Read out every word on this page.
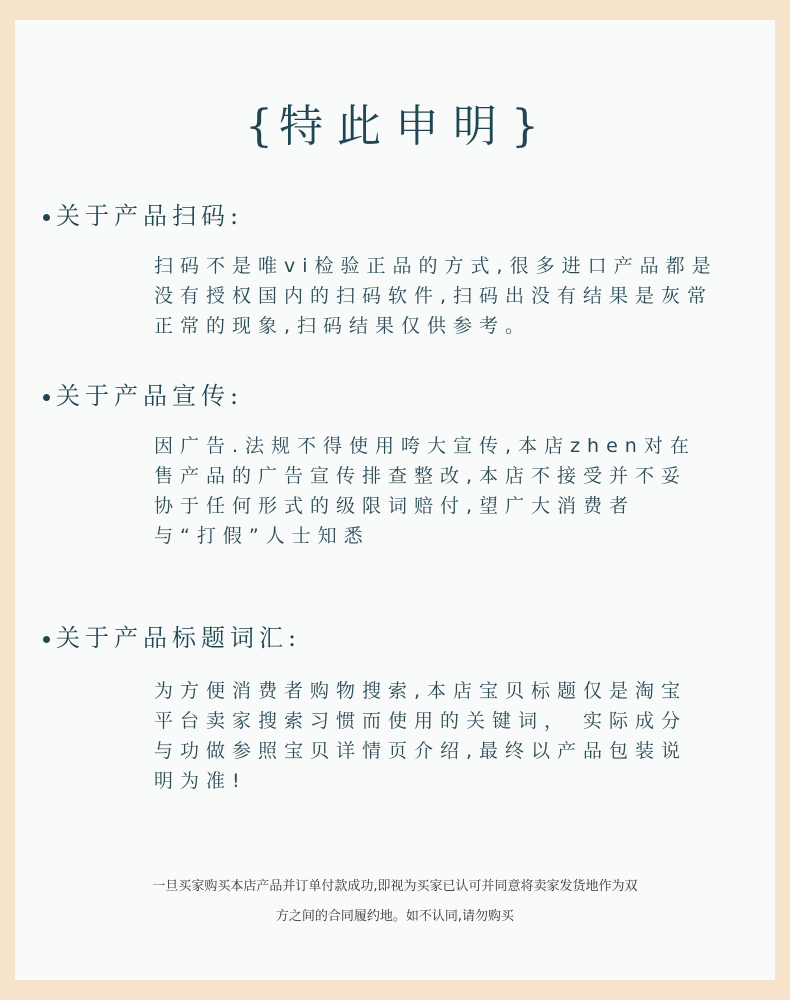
{特此申明}
关于产品扫码:
扫码不是唯vi检验正品的方式,很多进口产品都是
没有授权国内的扫码软件,扫码出没有结果是灰常
正常的现象,扫码结果仅供参考。
关于产品宣传:
因广告.法规不得使用咵大宣传,本店zhen对在
售产品的广告宣传排查整改,本店不接受并不妥
协于任何形式的级限词赔付,望广大消费者
与“打假”人士知悉
关于产品标题词汇:
为方便消费者购物搜索,本店宝贝标题仅是淘宝
平台卖家搜索习惯而使用的关键词， 实际成分
与功做参照宝贝详情页介绍,最终以产品包装说
明为准!
一旦买家购买本店产品并订单付款成功,即视为买家已认可并同意将卖家发货地作为双
方之间的合同履约地。如不认同,请勿购买
